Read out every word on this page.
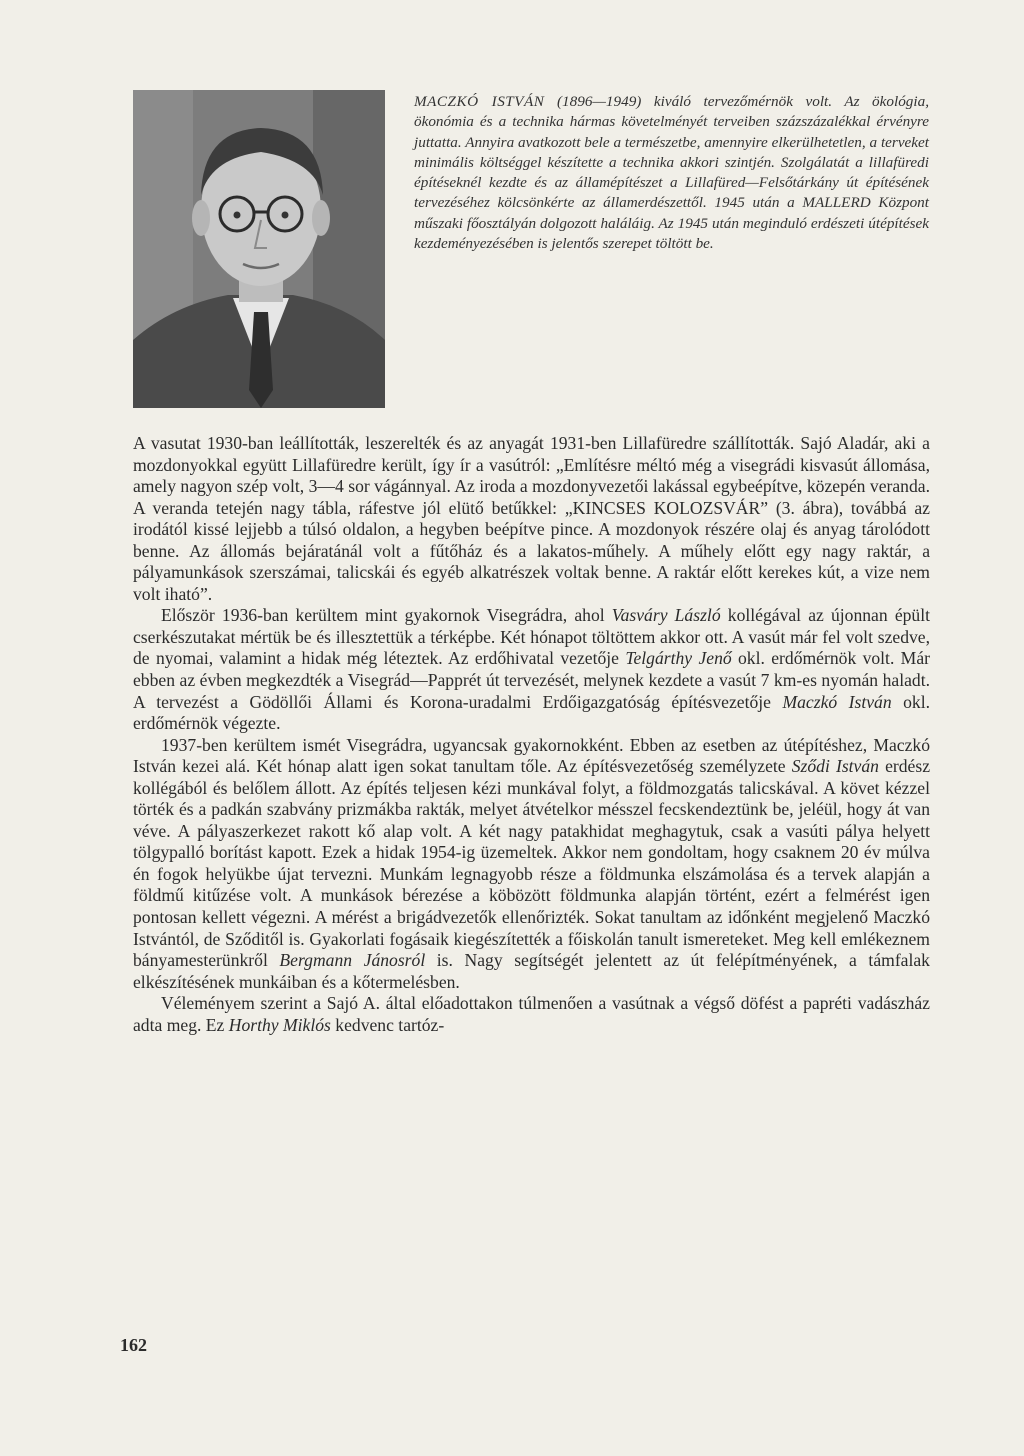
MACZKÓ ISTVÁN (1896—1949) kiváló tervezőmérnök volt. Az ökológia, ökonómia és a technika hármas követelményét terveiben százszázalékkal érvényre juttatta. Annyira avatkozott bele a természetbe, amennyire elkerülhetetlen, a terveket minimális költséggel készítette a technika akkori szintjén. Szolgálatát a lillafüredi építéseknél kezdte és az államépítészet a Lillafüred—Felsőtárkány út építésének tervezéséhez kölcsönkérte az államerdészettől. 1945 után a MALLERD Központ műszaki főosztályán dolgozott haláláig. Az 1945 után meginduló erdészeti útépítések kezdeményezésében is jelentős szerepet töltött be.

A vasutat 1930-ban leállították, leszerelték és az anyagát 1931-ben Lillafüredre szállították. Sajó Aladár, aki a mozdonyokkal együtt Lillafüredre került, így ír a vasútról: „Említésre méltó még a visegrádi kisvasút állomása, amely nagyon szép volt, 3—4 sor vágánnyal. Az iroda a mozdonyvezetői lakással egybeépítve, közepén veranda. A veranda tetején nagy tábla, ráfestve jól elütő betűkkel: „KINCSES KOLOZSVÁR” (3. ábra), továbbá az irodától kissé lejjebb a túlsó oldalon, a hegyben beépítve pince. A mozdonyok részére olaj és anyag tárolódott benne. Az állomás bejáratánál volt a fűtőház és a lakatos-műhely. A műhely előtt egy nagy raktár, a pályamunkások szerszámai, talicskái és egyéb alkatrészek voltak benne. A raktár előtt kerekes kút, a vize nem volt iható”.

Először 1936-ban kerültem mint gyakornok Visegrádra, ahol Vasváry László kollégával az újonnan épült cserkészutakat mértük be és illesztettük a térképbe. Két hónapot töltöttem akkor ott. A vasút már fel volt szedve, de nyomai, valamint a hidak még léteztek. Az erdőhivatal vezetője Telgárthy Jenő okl. erdőmérnök volt. Már ebben az évben megkezdték a Visegrád—Papprét út tervezését, melynek kezdete a vasút 7 km-es nyomán haladt. A tervezést a Gödöllői Állami és Korona-uradalmi Erdőigazgatóság építésvezetője Maczkó István okl. erdőmérnök végezte.

1937-ben kerültem ismét Visegrádra, ugyancsak gyakornokként. Ebben az esetben az útépítéshez, Maczkó István kezei alá. Két hónap alatt igen sokat tanultam tőle. Az építésvezetőség személyzete Sződi István erdész kollégából és belőlem állott. Az építés teljesen kézi munkával folyt, a földmozgatás talicskával. A követ kézzel törték és a padkán szabvány prizmákba rakták, melyet átvételkor mésszel fecskendeztünk be, jeléül, hogy át van véve. A pályaszerkezet rakott kő alap volt. A két nagy patakhidat meghagytuk, csak a vasúti pálya helyett tölgypalló borítást kapott. Ezek a hidak 1954-ig üzemeltek. Akkor nem gondoltam, hogy csaknem 20 év múlva én fogok helyükbe újat tervezni. Munkám legnagyobb része a földmunka elszámolása és a tervek alapján a földmű kitűzése volt. A munkások bérezése a köbözött földmunka alapján történt, ezért a felmérést igen pontosan kellett végezni. A mérést a brigádvezetők ellenőrizték. Sokat tanultam az időnként megjelenő Maczkó Istvántól, de Sződitől is. Gyakorlati fogásaik kiegészítették a főiskolán tanult ismereteket. Meg kell emlékeznem bányamesterünkről Bergmann Jánosról is. Nagy segítségét jelentett az út felépítményének, a támfalak elkészítésének munkáiban és a kőtermelésben.

Véleményem szerint a Sajó A. által előadottakon túlmenően a vasútnak a végső döfést a papréti vadászház adta meg. Ez Horthy Miklós kedvenc tartóz-

162
